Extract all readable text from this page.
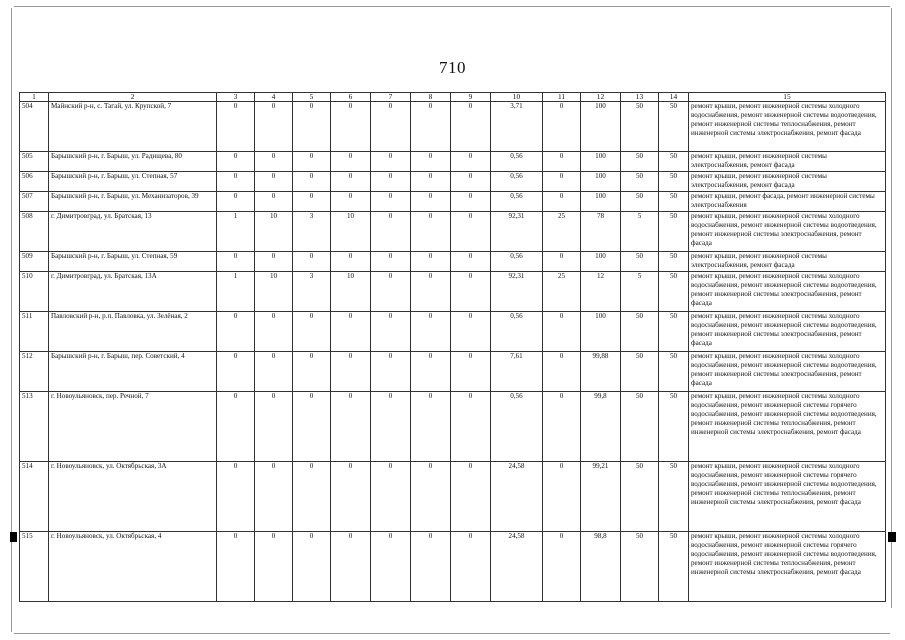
710
1	2	3	4	5	6	7	8	9	10	11	12	13	14	15
504	Майнский р-н, с. Тагай, ул. Крупской, 7	0	0	0	0	0	0	0	3,71	0	100	50	50	ремонт крыши, ремонт инженерной системы холодного водоснабжения, ремонт инженерной системы водоотведения, ремонт инженерной системы теплоснабжения, ремонт инженерной системы электроснабжения, ремонт фасада
505	Барышский р-н, г. Барыш, ул. Радищева, 80	0	0	0	0	0	0	0	0,56	0	100	50	50	ремонт крыши, ремонт инженерной системы электроснабжения, ремонт фасада
506	Барышский р-н, г. Барыш, ул. Степная, 57	0	0	0	0	0	0	0	0,56	0	100	50	50	ремонт крыши, ремонт инженерной системы электроснабжения, ремонт фасада
507	Барышский р-н, г. Барыш, ул. Механизаторов, 39	0	0	0	0	0	0	0	0,56	0	100	50	50	ремонт крыши, ремонт фасада, ремонт инженерной системы электроснабжения
508	г. Димитровград, ул. Братская, 13	1	10	3	10	0	0	0	92,31	25	78	5	50	ремонт крыши, ремонт инженерной системы холодного водоснабжения, ремонт инженерной системы водоотведения, ремонт инженерной системы электроснабжения, ремонт фасада
509	Барышский р-н, г. Барыш, ул. Степная, 59	0	0	0	0	0	0	0	0,56	0	100	50	50	ремонт крыши, ремонт инженерной системы электроснабжения, ремонт фасада
510	г. Димитровград, ул. Братская, 13А	1	10	3	10	0	0	0	92,31	25	12	5	50	ремонт крыши, ремонт инженерной системы холодного водоснабжения, ремонт инженерной системы водоотведения, ремонт инженерной системы электроснабжения, ремонт фасада
511	Павловский р-н, р.п. Павловка, ул. Зелёная, 2	0	0	0	0	0	0	0	0,56	0	100	50	50	ремонт крыши, ремонт инженерной системы холодного водоснабжения, ремонт инженерной системы водоотведения, ремонт инженерной системы электроснабжения, ремонт фасада
512	Барышский р-н, г. Барыш, пер. Советский, 4	0	0	0	0	0	0	0	7,61	0	99,88	50	50	ремонт крыши, ремонт инженерной системы холодного водоснабжения, ремонт инженерной системы водоотведения, ремонт инженерной системы электроснабжения, ремонт фасада
513	г. Новоульяновск, пер. Речной, 7	0	0	0	0	0	0	0	0,56	0	99,8	50	50	ремонт крыши, ремонт инженерной системы холодного водоснабжения, ремонт инженерной системы горячего водоснабжения, ремонт инженерной системы водоотведения, ремонт инженерной системы теплоснабжения, ремонт инженерной системы электроснабжения, ремонт фасада
514	г. Новоульяновск, ул. Октябрьская, 3А	0	0	0	0	0	0	0	24,58	0	99,21	50	50	ремонт крыши, ремонт инженерной системы холодного водоснабжения, ремонт инженерной системы горячего водоснабжения, ремонт инженерной системы водоотведения, ремонт инженерной системы теплоснабжения, ремонт инженерной системы электроснабжения, ремонт фасада
515	г. Новоульяновск, ул. Октябрьская, 4	0	0	0	0	0	0	0	24,58	0	98,8	50	50	ремонт крыши, ремонт инженерной системы холодного водоснабжения, ремонт инженерной системы горячего водоснабжения, ремонт инженерной системы водоотведения, ремонт инженерной системы теплоснабжения, ремонт инженерной системы электроснабжения, ремонт фасада
